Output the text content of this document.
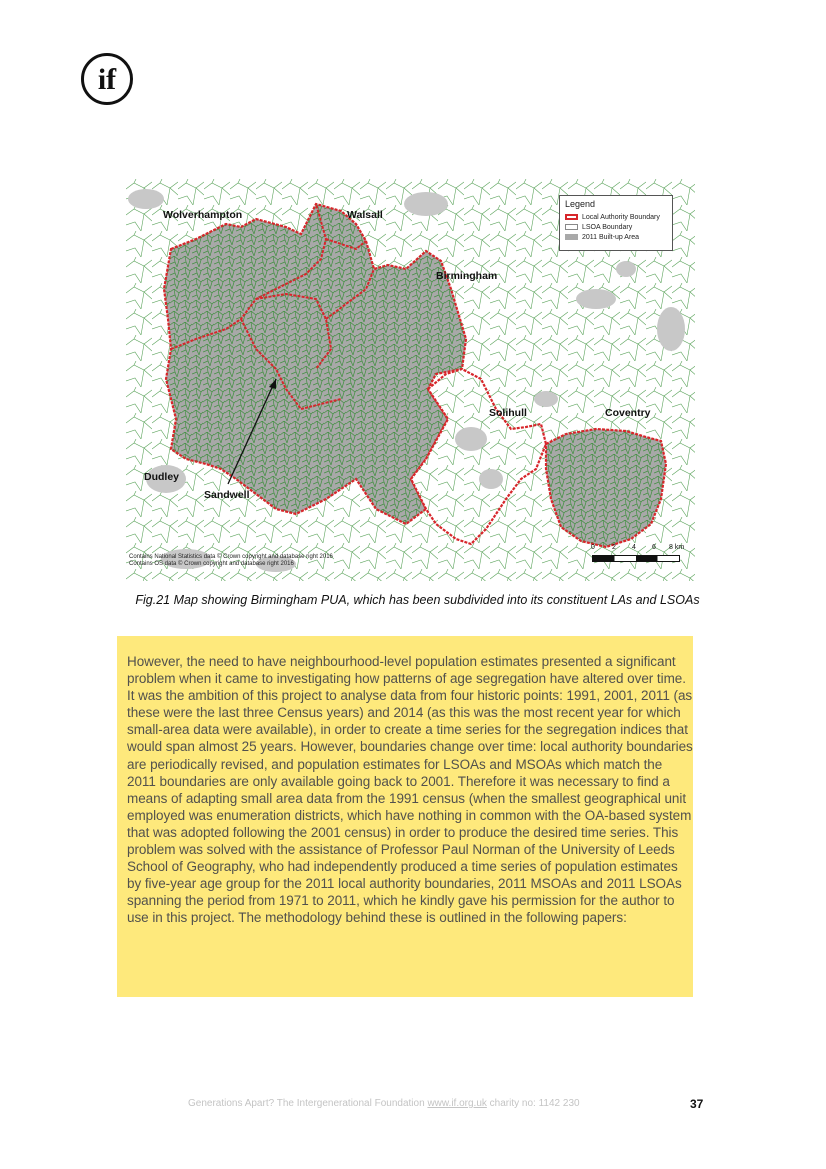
if
Wolverhampton	Walsall
Birmingham
Solihull	Coventry
Dudley
Sandwell
Legend
Local Authority Boundary
LSOA Boundary
2011 Built-up Area
Contains National Statistics data © Crown copyright and database right 2016
Contains OS data © Crown copyright and database right 2016
0 2 4 6 8 km
Fig.21 Map showing Birmingham PUA, which has been subdivided into its constituent LAs and LSOAs

However, the need to have neighbourhood-level population estimates presented a significant problem when it came to investigating how patterns of age segregation have altered over time. It was the ambition of this project to analyse data from four historic points: 1991, 2001, 2011 (as these were the last three Census years) and 2014 (as this was the most recent year for which small-area data were available), in order to create a time series for the segregation indices that would span almost 25 years. However, boundaries change over time: local authority boundaries are periodically revised, and population estimates for LSOAs and MSOAs which match the 2011 boundaries are only available going back to 2001. Therefore it was necessary to find a means of adapting small area data from the 1991 census (when the smallest geographical unit employed was enumeration districts, which have nothing in common with the OA-based system that was adopted following the 2001 census) in order to produce the desired time series. This problem was solved with the assistance of Professor Paul Norman of the University of Leeds School of Geography, who had independently produced a time series of population estimates by five-year age group for the 2011 local authority boundaries, 2011 MSOAs and 2011 LSOAs spanning the period from 1971 to 2011, which he kindly gave his permission for the author to use in this project. The methodology behind these is outlined in the following papers:

Generations Apart? The Intergenerational Foundation www.if.org.uk charity no: 1142 230	37
